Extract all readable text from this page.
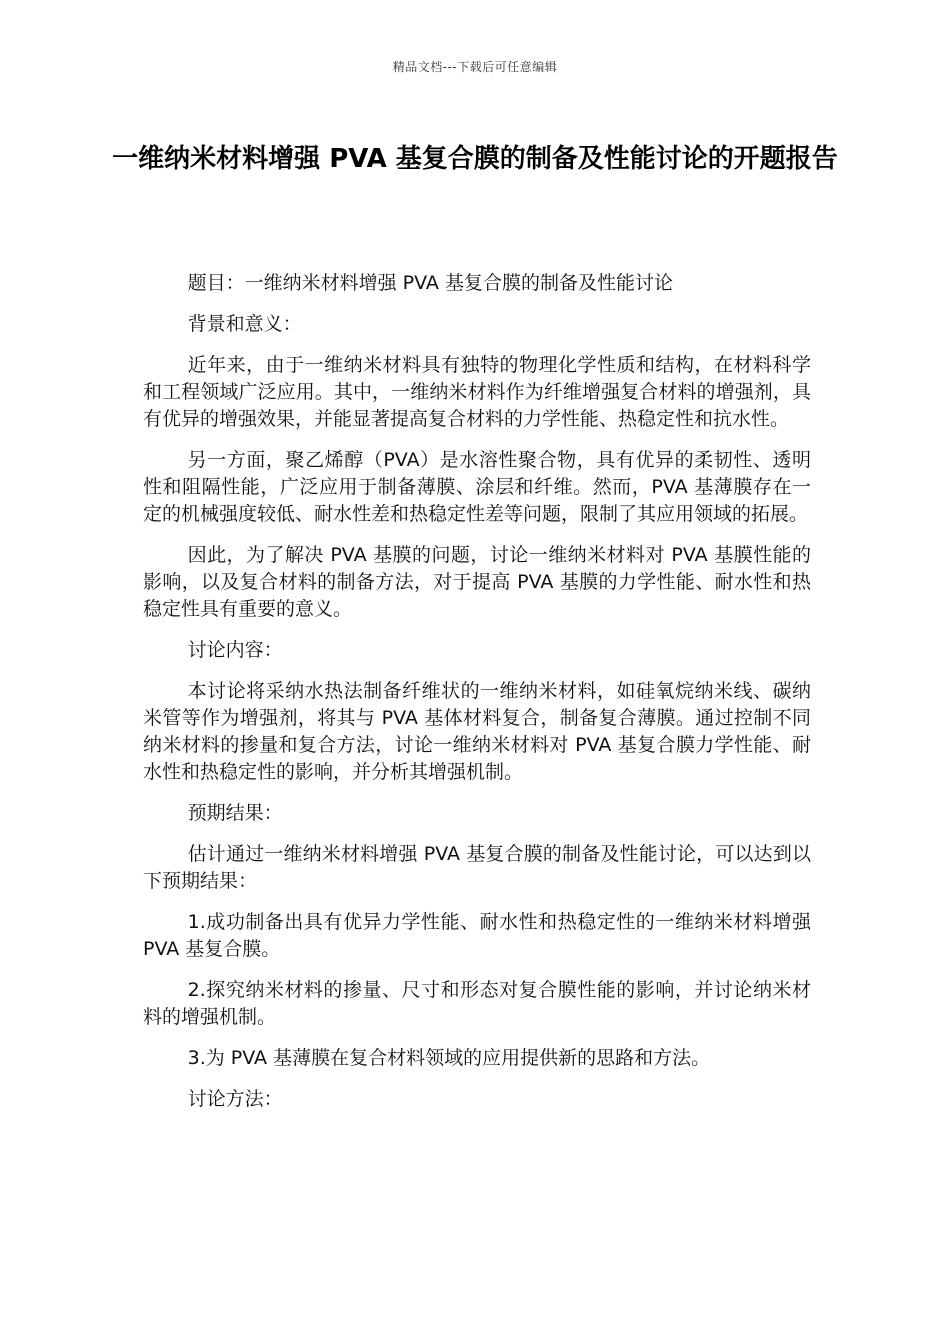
精品文档---下载后可任意编辑
一维纳米材料增强 PVA 基复合膜的制备及性能讨论的开题报告

题目：一维纳米材料增强 PVA 基复合膜的制备及性能讨论

背景和意义：

近年来，由于一维纳米材料具有独特的物理化学性质和结构，在材料科学和工程领域广泛应用。其中，一维纳米材料作为纤维增强复合材料的增强剂，具有优异的增强效果，并能显著提高复合材料的力学性能、热稳定性和抗水性。

另一方面，聚乙烯醇（PVA）是水溶性聚合物，具有优异的柔韧性、透明性和阻隔性能，广泛应用于制备薄膜、涂层和纤维。然而，PVA 基薄膜存在一定的机械强度较低、耐水性差和热稳定性差等问题，限制了其应用领域的拓展。

因此，为了解决 PVA 基膜的问题，讨论一维纳米材料对 PVA 基膜性能的影响，以及复合材料的制备方法，对于提高 PVA 基膜的力学性能、耐水性和热稳定性具有重要的意义。

讨论内容：

本讨论将采纳水热法制备纤维状的一维纳米材料，如硅氧烷纳米线、碳纳米管等作为增强剂，将其与 PVA 基体材料复合，制备复合薄膜。通过控制不同纳米材料的掺量和复合方法，讨论一维纳米材料对 PVA 基复合膜力学性能、耐水性和热稳定性的影响，并分析其增强机制。

预期结果：

估计通过一维纳米材料增强 PVA 基复合膜的制备及性能讨论，可以达到以下预期结果：

1.成功制备出具有优异力学性能、耐水性和热稳定性的一维纳米材料增强 PVA 基复合膜。

2.探究纳米材料的掺量、尺寸和形态对复合膜性能的影响，并讨论纳米材料的增强机制。

3.为 PVA 基薄膜在复合材料领域的应用提供新的思路和方法。

讨论方法：
